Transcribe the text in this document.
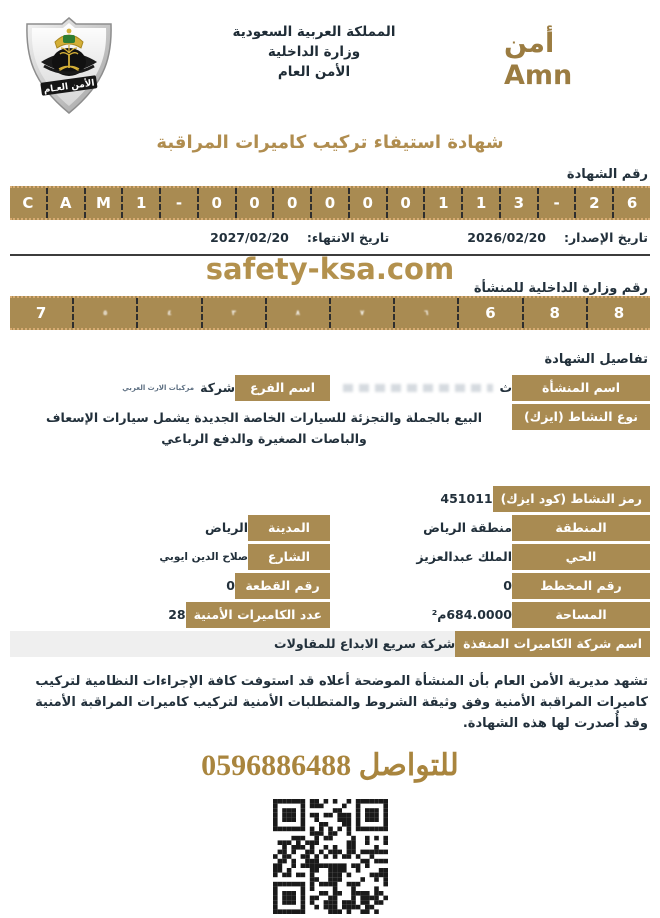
أمن
Amn
المملكة العربية السعودية
وزارة الداخلية
الأمن العام
الأمن العـام
شهادة استيفاء تركيب كاميرات المراقبة
رقم الشهادة
C A M 1 - 0 0 0 0 0 0 1 1 3 - 2 6
تاريخ الإصدار:
2026/02/20
تاريخ الانتهاء:
2027/02/20
safety-ksa.com
رقم وزارة الداخلية للمنشأة
7	٥	٤	٣	٨	٧	٦	6	8	8
تفاصيل الشهادة
اسم المنشأة
ث
اسم الفرع
شركة
مركبات الارث العربي
نوع النشاط (ايزك)
البيع بالجملة والتجزئة للسيارات الخاصة الجديدة يشمل سيارات الإسعاف والباصات الصغيرة والدفع الرباعي
رمز النشاط (كود ايزك)
451011
المنطقة
منطقة الرياض
المدينة
الرياض
الحي
الملك عبدالعزيز
الشارع
صلاح الدين ايوبي
رقم المخطط
0
رقم القطعة
0
المساحة
684.0000م²
عدد الكاميرات الأمنية
28
اسم شركة الكاميرات المنفذة
شركة سريع الابداع للمقاولات
تشهد مديرية الأمن العام بأن المنشأة الموضحة أعلاه قد استوفت كافة الإجراءات النظامية لتركيب كاميرات المراقبة الأمنية وفق وثيقة الشروط والمتطلبات الأمنية لتركيب كاميرات المراقبة الأمنية وقد أُصدرت لها هذه الشهادة.
للتواصل 0596886488
